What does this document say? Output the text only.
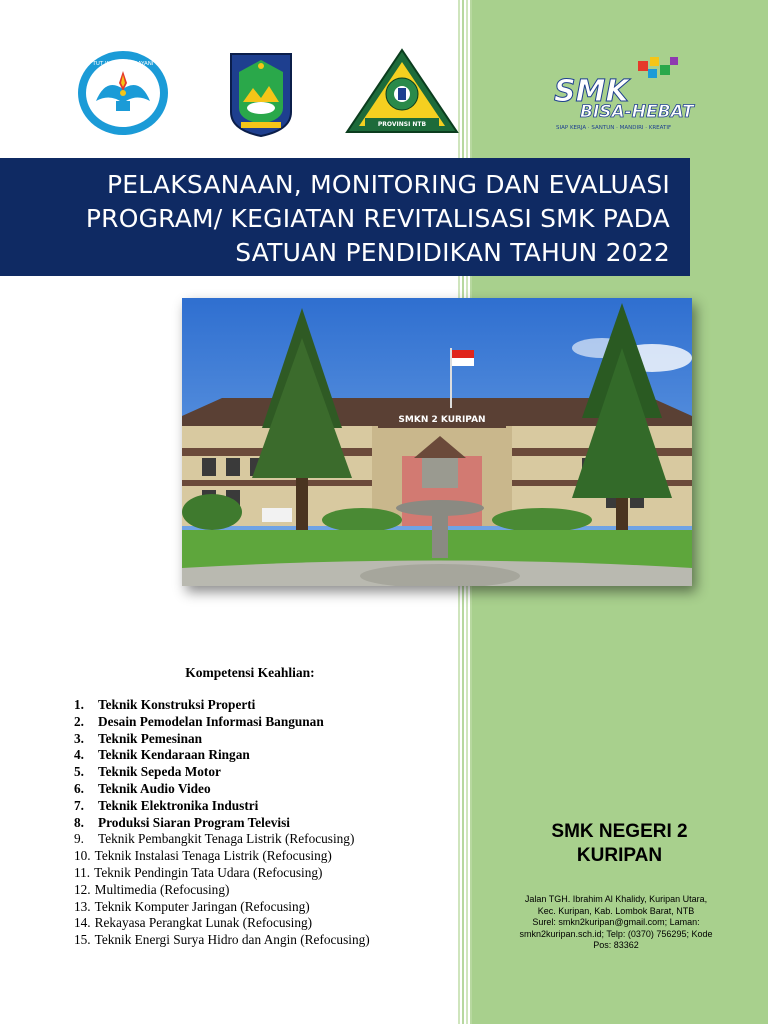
TUT WURI HANDAYANI
PROVINSI NTB
SMK
BISA-HEBAT
SIAP KERJA · SANTUN · MANDIRI · KREATIF
PELAKSANAAN, MONITORING DAN EVALUASI
PROGRAM/ KEGIATAN REVITALISASI SMK PADA
SATUAN PENDIDIKAN TAHUN 2022
SMKN 2 KURIPAN
Kompetensi Keahlian:
1. Teknik Konstruksi Properti
2. Desain Pemodelan Informasi Bangunan
3. Teknik Pemesinan
4. Teknik Kendaraan Ringan
5. Teknik Sepeda Motor
6. Teknik Audio Video
7. Teknik Elektronika Industri
8. Produksi Siaran Program Televisi
9. Teknik Pembangkit Tenaga Listrik (Refocusing)
10. Teknik Instalasi Tenaga Listrik (Refocusing)
11. Teknik Pendingin Tata Udara (Refocusing)
12. Multimedia (Refocusing)
13. Teknik Komputer Jaringan (Refocusing)
14. Rekayasa Perangkat Lunak (Refocusing)
15. Teknik Energi Surya Hidro dan Angin (Refocusing)
SMK NEGERI 2
KURIPAN
Jalan TGH. Ibrahim Al Khalidy, Kuripan Utara,
Kec. Kuripan, Kab. Lombok Barat, NTB
Surel: smkn2kuripan@gmail.com; Laman:
smkn2kuripan.sch.id; Telp: (0370) 756295; Kode
Pos: 83362
